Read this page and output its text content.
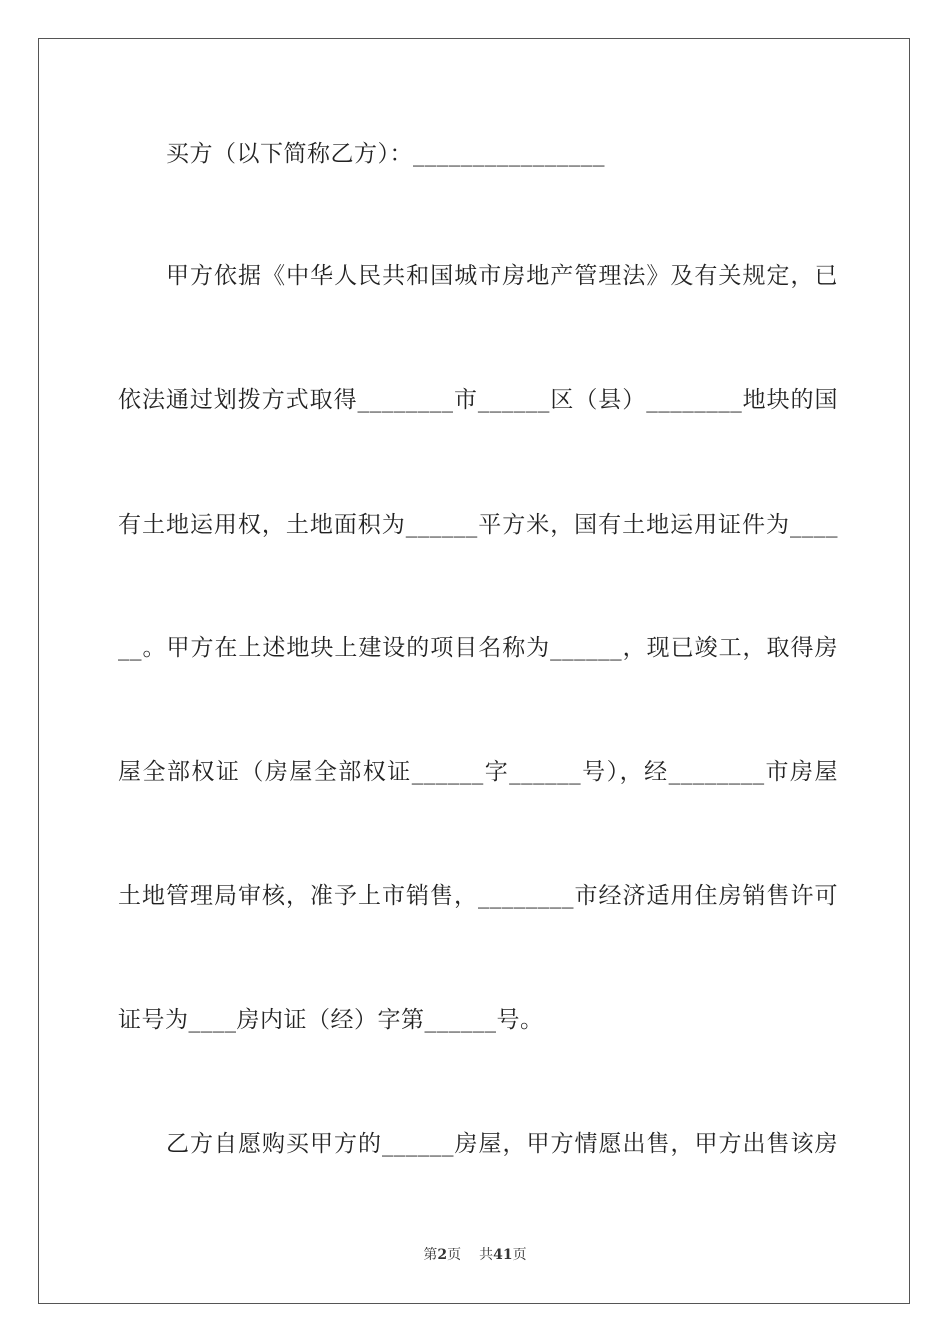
买方（以下简称乙方）：________________
甲方依据《中华人民共和国城市房地产管理法》及有关规定，已
依法通过划拨方式取得________市______区（县）________地块的国
有土地运用权，土地面积为______平方米，国有土地运用证件为____
__。甲方在上述地块上建设的项目名称为______，现已竣工，取得房
屋全部权证（房屋全部权证______字______号），经________市房屋
土地管理局审核，准予上市销售，________市经济适用住房销售许可
证号为____房内证（经）字第______号。
乙方自愿购买甲方的______房屋，甲方情愿出售，甲方出售该房
第2页 共41页
